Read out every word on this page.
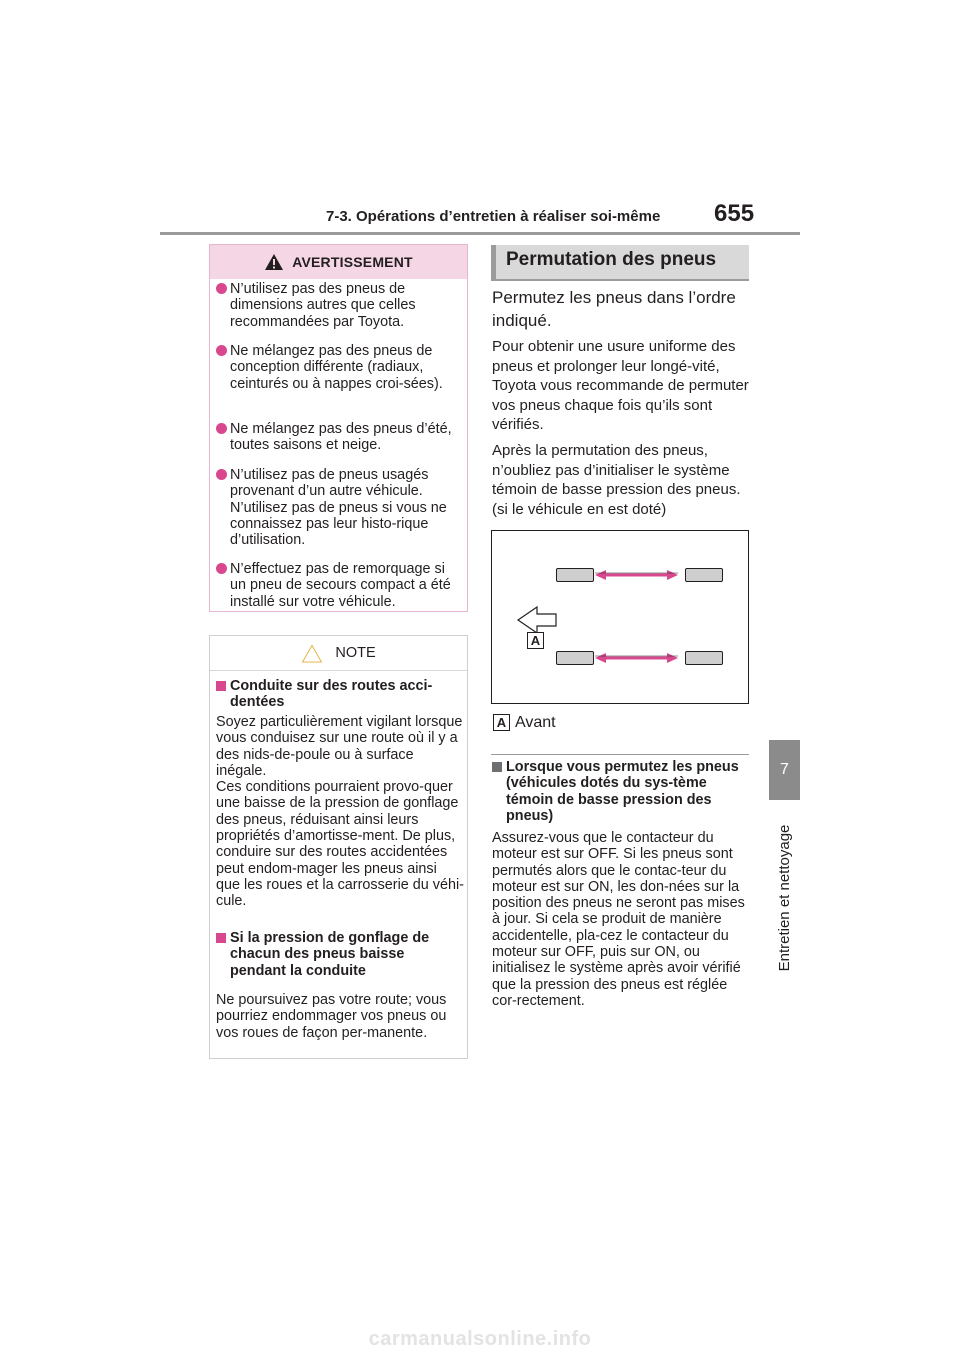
7-3. Opérations d’entretien à réaliser soi-même	655
7
Entretien et nettoyage
AVERTISSEMENT
N’utilisez pas des pneus de dimensions autres que celles recommandées par Toyota.
Ne mélangez pas des pneus de conception différente (radiaux, ceinturés ou à nappes croi-sées).
Ne mélangez pas des pneus d’été, toutes saisons et neige.
N’utilisez pas de pneus usagés provenant d’un autre véhicule. N’utilisez pas de pneus si vous ne connaissez pas leur histo-rique d’utilisation.
N’effectuez pas de remorquage si un pneu de secours compact a été installé sur votre véhicule.
NOTE
Conduite sur des routes acci-dentées
Soyez particulièrement vigilant lorsque vous conduisez sur une route où il y a des nids-de-poule ou à surface inégale.
Ces conditions pourraient provo-quer une baisse de la pression de gonflage des pneus, réduisant ainsi leurs propriétés d’amortisse-ment. De plus, conduire sur des routes accidentées peut endom-mager les pneus ainsi que les roues et la carrosserie du véhi-cule.
Si la pression de gonflage de chacun des pneus baisse pendant la conduite
Ne poursuivez pas votre route; vous pourriez endommager vos pneus ou vos roues de façon per-manente.
Permutation des pneus
Permutez les pneus dans l’ordre indiqué.
Pour obtenir une usure uniforme des pneus et prolonger leur longé-vité, Toyota vous recommande de permuter vos pneus chaque fois qu’ils sont vérifiés.
Après la permutation des pneus, n’oubliez pas d’initialiser le système témoin de basse pression des pneus. (si le véhicule en est doté)
A
A Avant
Lorsque vous permutez les pneus (véhicules dotés du sys-tème témoin de basse pression des pneus)
Assurez-vous que le contacteur du moteur est sur OFF. Si les pneus sont permutés alors que le contac-teur du moteur est sur ON, les don-nées sur la position des pneus ne seront pas mises à jour. Si cela se produit de manière accidentelle, pla-cez le contacteur du moteur sur OFF, puis sur ON, ou initialisez le système après avoir vérifié que la pression des pneus est réglée cor-rectement.
carmanualsonline.info
